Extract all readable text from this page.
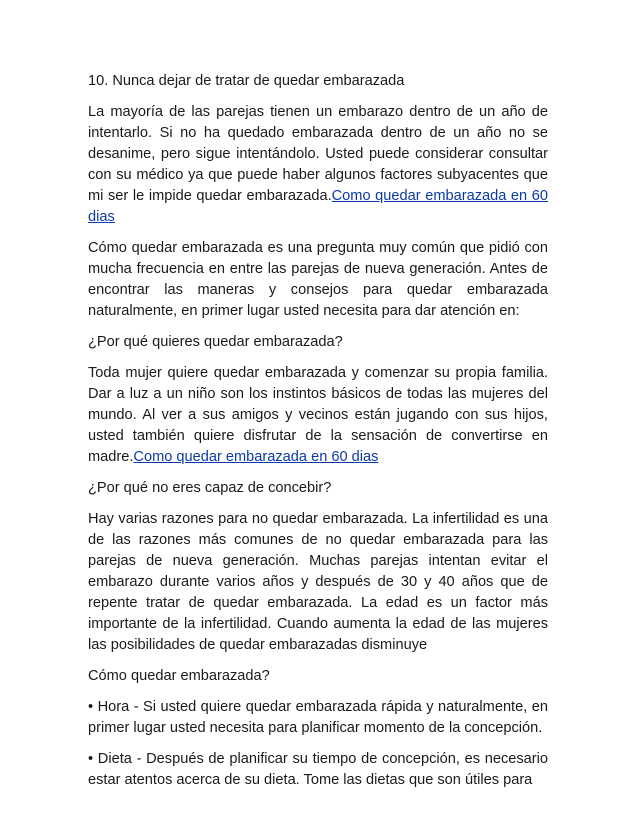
10. Nunca dejar de tratar de quedar embarazada

La mayoría de las parejas tienen un embarazo dentro de un año de intentarlo. Si no ha quedado embarazada dentro de un año no se desanime, pero sigue intentándolo. Usted puede considerar consultar con su médico ya que puede haber algunos factores subyacentes que mi ser le impide quedar embarazada.Como quedar embarazada en 60 dias

Cómo quedar embarazada es una pregunta muy común que pidió con mucha frecuencia en entre las parejas de nueva generación. Antes de encontrar las maneras y consejos para quedar embarazada naturalmente, en primer lugar usted necesita para dar atención en:

¿Por qué quieres quedar embarazada?

Toda mujer quiere quedar embarazada y comenzar su propia familia. Dar a luz a un niño son los instintos básicos de todas las mujeres del mundo. Al ver a sus amigos y vecinos están jugando con sus hijos, usted también quiere disfrutar de la sensación de convertirse en madre.Como quedar embarazada en 60 dias

¿Por qué no eres capaz de concebir?

Hay varias razones para no quedar embarazada. La infertilidad es una de las razones más comunes de no quedar embarazada para las parejas de nueva generación. Muchas parejas intentan evitar el embarazo durante varios años y después de 30 y 40 años que de repente tratar de quedar embarazada. La edad es un factor más importante de la infertilidad. Cuando aumenta la edad de las mujeres las posibilidades de quedar embarazadas disminuye

Cómo quedar embarazada?

• Hora - Si usted quiere quedar embarazada rápida y naturalmente, en primer lugar usted necesita para planificar momento de la concepción.

• Dieta - Después de planificar su tiempo de concepción, es necesario estar atentos acerca de su dieta. Tome las dietas que son útiles para
